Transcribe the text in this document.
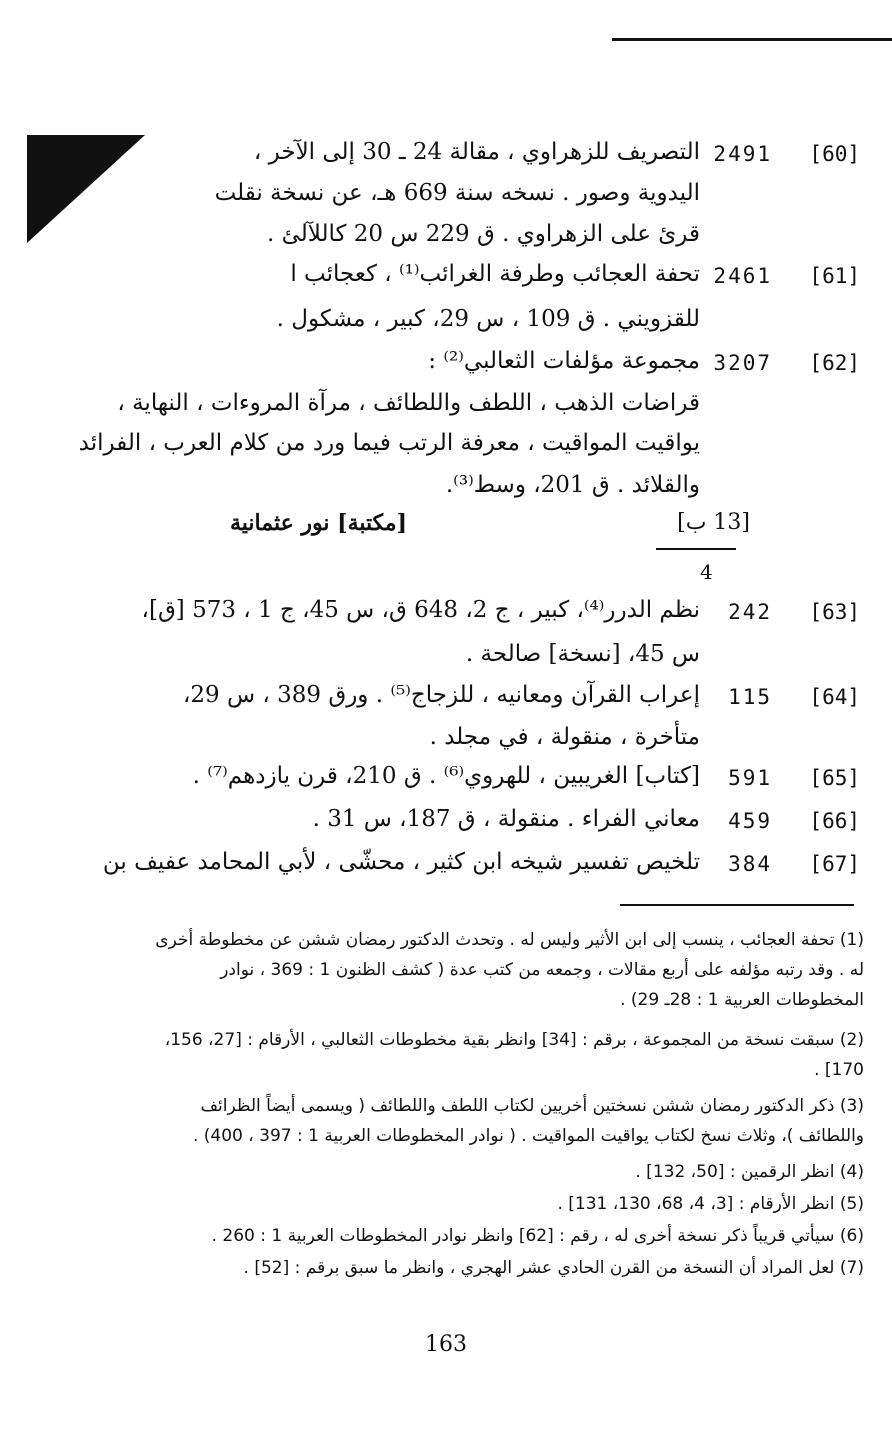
[60]
2491
التصريف للزهراوي ، مقالة 24 ـ 30 إلى الآخر ،
اليدوية وصور . نسخه سنة 669 هـ، عن نسخة نقلت
قرئ على الزهراوي . ق 229 س 20 كاللآلئ .
[61]
2461
تحفة العجائب وطرفة الغرائب⁽¹⁾ ، كعجائب ا
للقزويني . ق 109 ، س 29، كبير ، مشكول .
[62]
3207
مجموعة مؤلفات الثعالبي⁽²⁾ :
قراضات الذهب ، اللطف واللطائف ، مرآة المروءات ، النهاية ،
يواقيت المواقيت ، معرفة الرتب فيما ورد من كلام العرب ، الفرائد
والقلائد . ق 201، وسط⁽³⁾.
[مكتبة] نور عثمانية	[13 ب]
4
[63]
242
نظم الدرر⁽⁴⁾، كبير ، ج 2، 648 ق، س 45، ج 1 ، 573 [ق]،
س 45، [نسخة] صالحة .
[64]
115
إعراب القرآن ومعانيه ، للزجاج⁽⁵⁾ . ورق 389 ، س 29،
متأخرة ، منقولة ، في مجلد .
[65]
591
[كتاب] الغريبين ، للهروي⁽⁶⁾ . ق 210، قرن يازدهم⁽⁷⁾ .
[66]
459
معاني الفراء . منقولة ، ق 187، س 31 .
[67]
384
تلخيص تفسير شيخه ابن كثير ، محشّى ، لأبي المحامد عفيف بن
(1) تحفة العجائب ، ينسب إلى ابن الأثير وليس له . وتحدث الدكتور رمضان ششن عن مخطوطة أخرى
له . وقد رتبه مؤلفه على أربع مقالات ، وجمعه من كتب عدة ( كشف الظنون 1 : 369 ، نوادر
المخطوطات العربية 1 : 28ـ 29) .
(2) سبقت نسخة من المجموعة ، برقم : [34] وانظر بقية مخطوطات الثعالبي ، الأرقام : [27، 156،
170] .
(3) ذكر الدكتور رمضان ششن نسختين أخريين لكتاب اللطف واللطائف ( ويسمى أيضاً الظرائف
واللطائف )، وثلاث نسخ لكتاب يواقيت المواقيت . ( نوادر المخطوطات العربية 1 : 397 ، 400) .
(4) انظر الرقمين : [50، 132] .
(5) انظر الأرقام : [3، 4، 68، 130، 131] .
(6) سيأتي قريباً ذكر نسخة أخرى له ، رقم : [62] وانظر نوادر المخطوطات العربية 1 : 260 .
(7) لعل المراد أن النسخة من القرن الحادي عشر الهجري ، وانظر ما سبق برقم : [52] .
163
